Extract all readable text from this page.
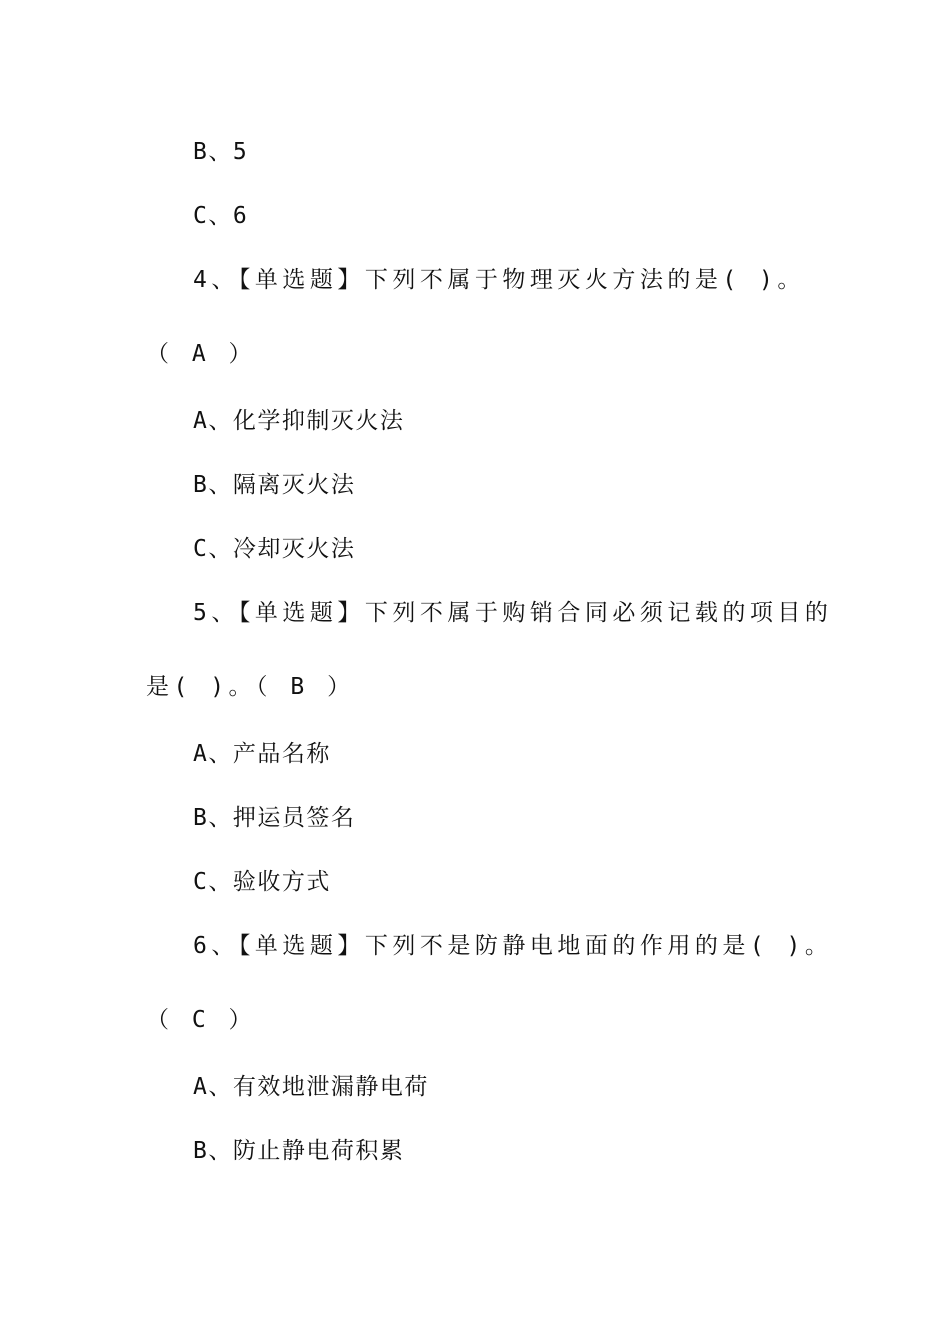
B、5
C、6
4、【单选题】下列不属于物理灭火方法的是( )。
（ A ）
A、化学抑制灭火法
B、隔离灭火法
C、冷却灭火法
5、【单选题】下列不属于购销合同必须记载的项目的
是( )。（ B ）
A、产品名称
B、押运员签名
C、验收方式
6、【单选题】下列不是防静电地面的作用的是( )。
（ C ）
A、有效地泄漏静电荷
B、防止静电荷积累
